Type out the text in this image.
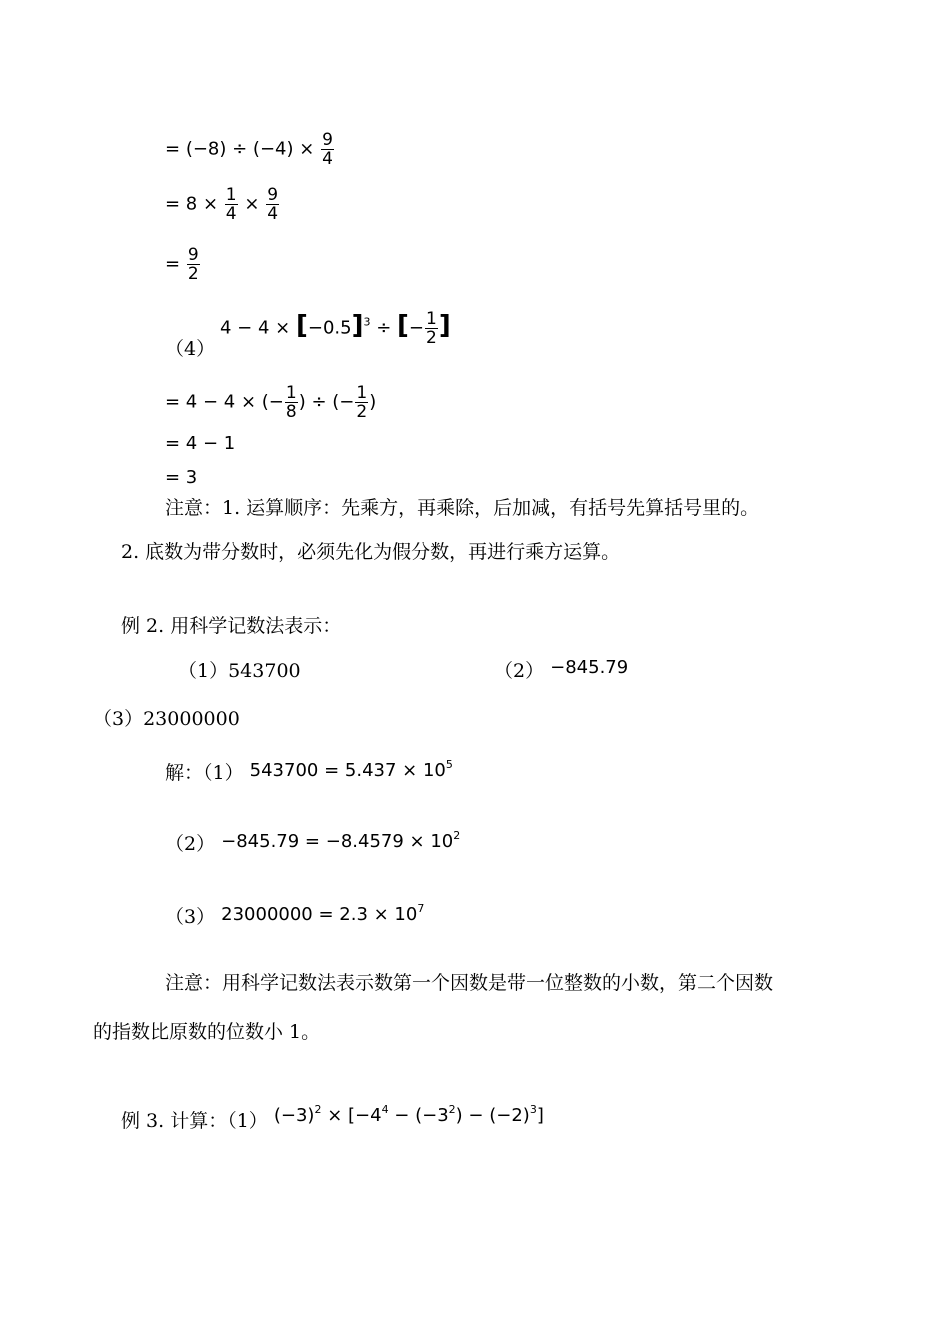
= $(-8) \div (-4) \times \frac{9}{4}$
= $8 \times \frac{1}{4} \times \frac{9}{4}$
= $\frac{9}{2}$
（4）
$4 - 4 \times [-0.5]^3$ ÷ [− $\frac{1}{2}$ ]
= 4 − 4 × (− $\frac{1}{8}$ ) ÷ (− $\frac{1}{2}$ )
= 4 − 1
= 3
注意：1. 运算顺序：先乘方，再乘除，后加减，有括号先算括号里的。
2. 底数为带分数时，必须先化为假分数，再进行乘方运算。
例 2. 用科学记数法表示：
（1）543700	（2） −845.79
（3）23000000
解：（1） $543700 = 5.437 \times 10^5$
$(2) -845.79 = -8.4579 \times 10^2$
（3） $23000000 = 2.3 \times 10^7$
注意：用科学记数法表示数第一个因数是带一位整数的小数，第二个因数
的指数比原数的位数小 1。
例 3. 计算：（1） $(-3)^2 \times [-4^4 - (-3^2) - (-2)^3]$
